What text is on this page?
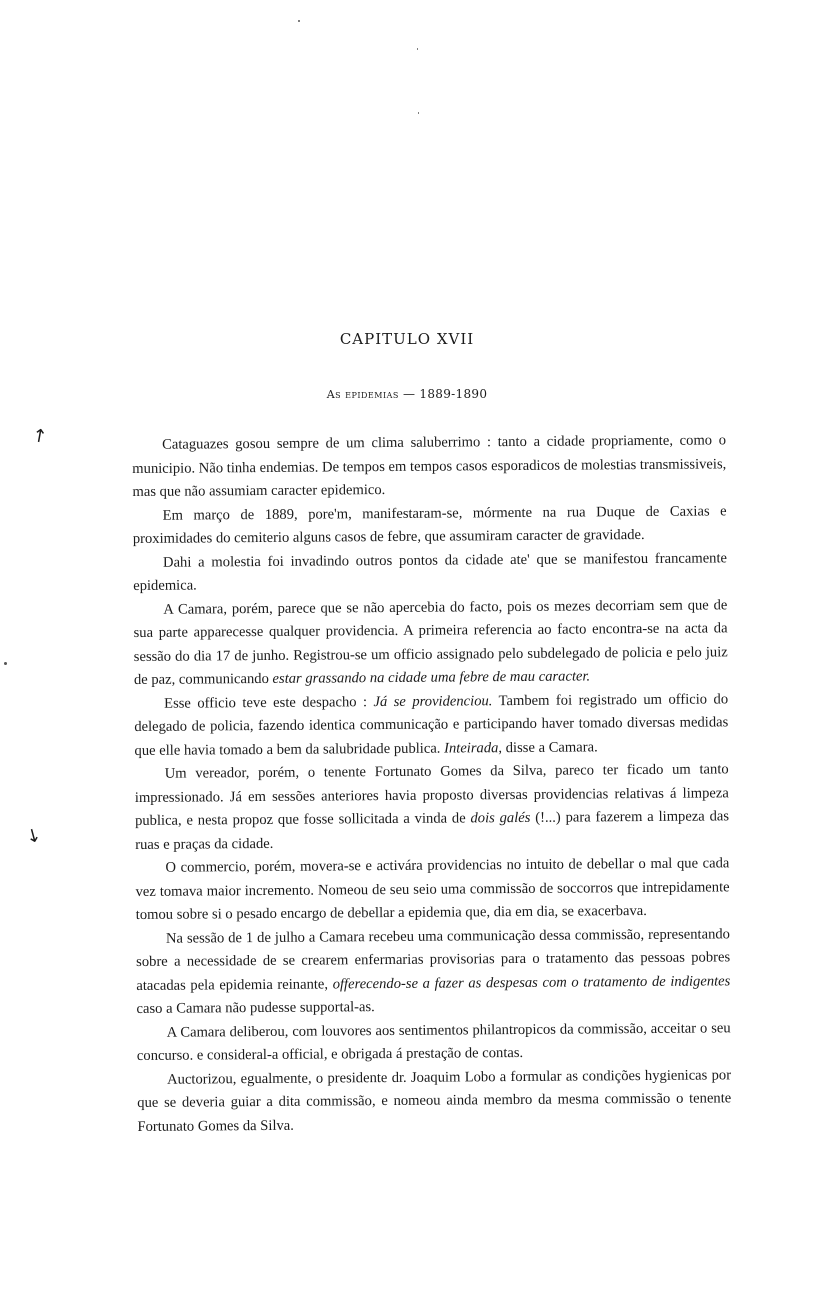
CAPITULO XVII
As epidemias — 1889-1890
↑
↓

Cataguazes gosou sempre de um clima saluberrimo : tanto a cidade propriamente, como o municipio. Não tinha endemias. De tempos em tempos casos esporadicos de molestias transmissiveis, mas que não assumiam caracter epidemico.

Em março de 1889, pore'm, manifestaram-se, mórmente na rua Duque de Caxias e proximidades do cemiterio alguns casos de febre, que assumiram caracter de gravidade.

Dahi a molestia foi invadindo outros pontos da cidade ate' que se manifestou francamente epidemica.

A Camara, porém, parece que se não apercebia do facto, pois os mezes decorriam sem que de sua parte apparecesse qualquer providencia. A primeira referencia ao facto encontra-se na acta da sessão do dia 17 de junho. Registrou-se um officio assignado pelo subdelegado de policia e pelo juiz de paz, communicando estar grassando na cidade uma febre de mau caracter.

Esse officio teve este despacho : Já se providenciou. Tambem foi registrado um officio do delegado de policia, fazendo identica communicação e participando haver tomado diversas medidas que elle havia tomado a bem da salubridade publica. Inteirada, disse a Camara.

Um vereador, porém, o tenente Fortunato Gomes da Silva, pareco ter ficado um tanto impressionado. Já em sessões anteriores havia proposto diversas providencias relativas á limpeza publica, e nesta propoz que fosse sollicitada a vinda de dois galés (!...) para fazerem a limpeza das ruas e praças da cidade.

O commercio, porém, movera-se e activára providencias no intuito de debellar o mal que cada vez tomava maior incremento. Nomeou de seu seio uma commissão de soccorros que intrepidamente tomou sobre si o pesado encargo de debellar a epidemia que, dia em dia, se exacerbava.

Na sessão de 1 de julho a Camara recebeu uma communicação dessa commissão, representando sobre a necessidade de se crearem enfermarias provisorias para o tratamento das pessoas pobres atacadas pela epidemia reinante, offerecendo-se a fazer as despesas com o tratamento de indigentes caso a Camara não pudesse supportal-as.

A Camara deliberou, com louvores aos sentimentos philantropicos da commissão, acceitar o seu concurso. e consideral-a official, e obrigada á prestação de contas.

Auctorizou, egualmente, o presidente dr. Joaquim Lobo a formular as condições hygienicas por que se deveria guiar a dita commissão, e nomeou ainda membro da mesma commissão o tenente Fortunato Gomes da Silva.
